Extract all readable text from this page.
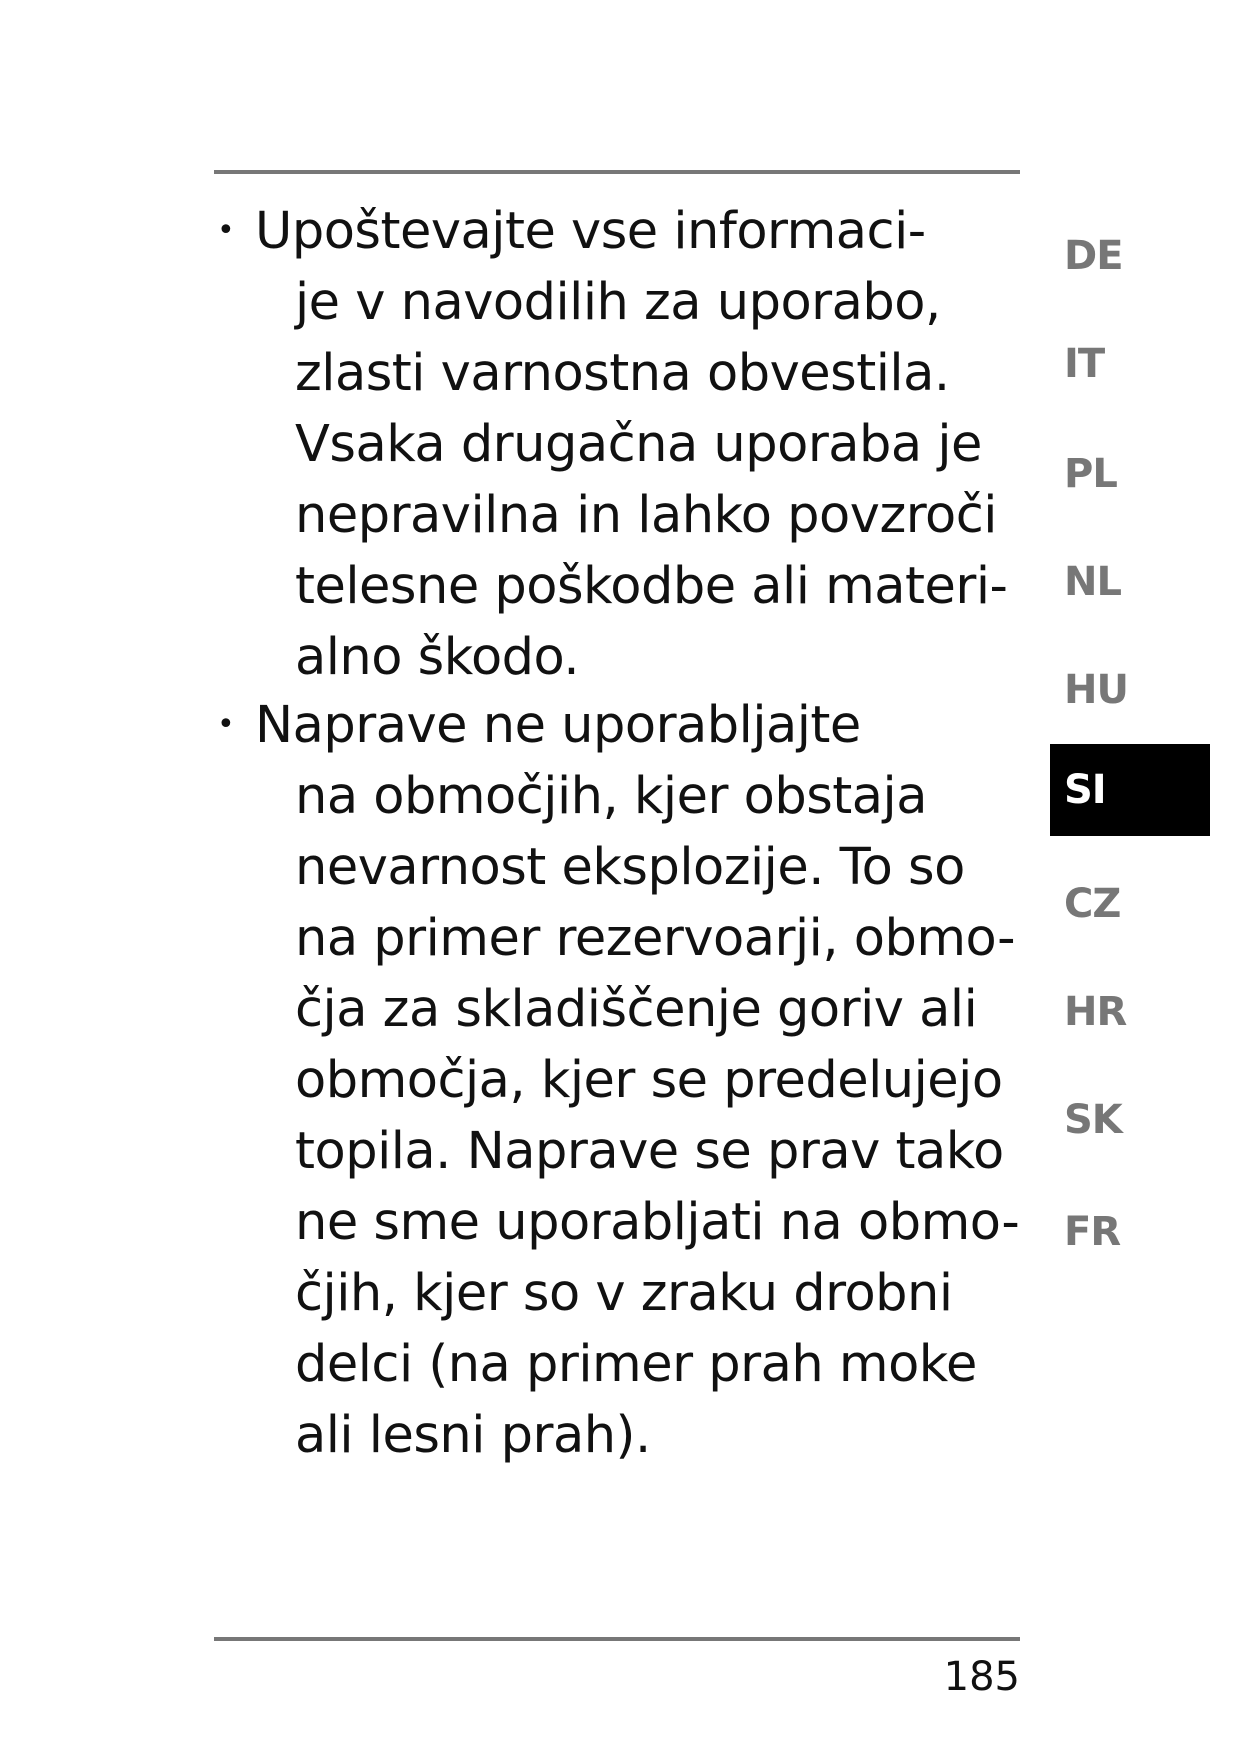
• Upoštevajte vse informaci-
je v navodilih za uporabo,
zlasti varnostna obvestila.
Vsaka drugačna uporaba je
nepravilna in lahko povzroči
telesne poškodbe ali materi-
alno škodo.
• Naprave ne uporabljajte
na območjih, kjer obstaja
nevarnost eksplozije. To so
na primer rezervoarji, obmo-
čja za skladiščenje goriv ali
območja, kjer se predelujejo
topila. Naprave se prav tako
ne sme uporabljati na obmo-
čjih, kjer so v zraku drobni
delci (na primer prah moke
ali lesni prah).
DE
IT
PL
NL
HU
SI
CZ
HR
SK
FR
185
